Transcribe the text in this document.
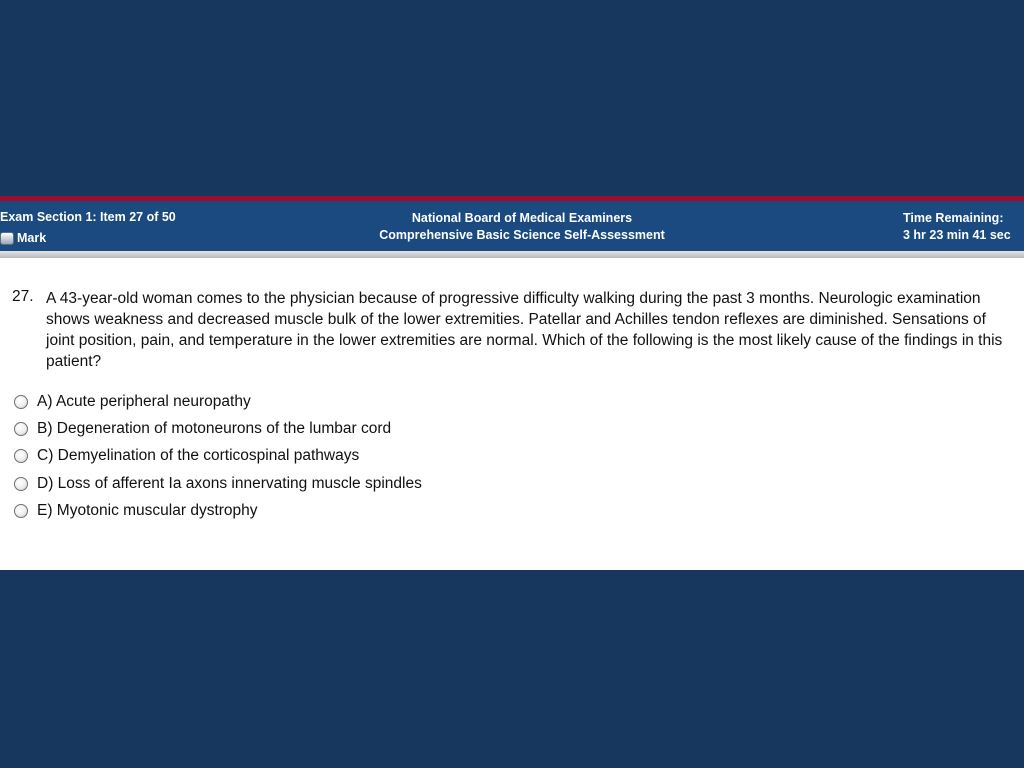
Exam Section 1: Item 27 of 50
Mark
National Board of Medical Examiners
Comprehensive Basic Science Self-Assessment
Time Remaining:
3 hr 23 min 41 sec
27. A 43-year-old woman comes to the physician because of progressive difficulty walking during the past 3 months. Neurologic examination shows weakness and decreased muscle bulk of the lower extremities. Patellar and Achilles tendon reflexes are diminished. Sensations of joint position, pain, and temperature in the lower extremities are normal. Which of the following is the most likely cause of the findings in this patient?
A) Acute peripheral neuropathy
B) Degeneration of motoneurons of the lumbar cord
C) Demyelination of the corticospinal pathways
D) Loss of afferent Ia axons innervating muscle spindles
E) Myotonic muscular dystrophy
